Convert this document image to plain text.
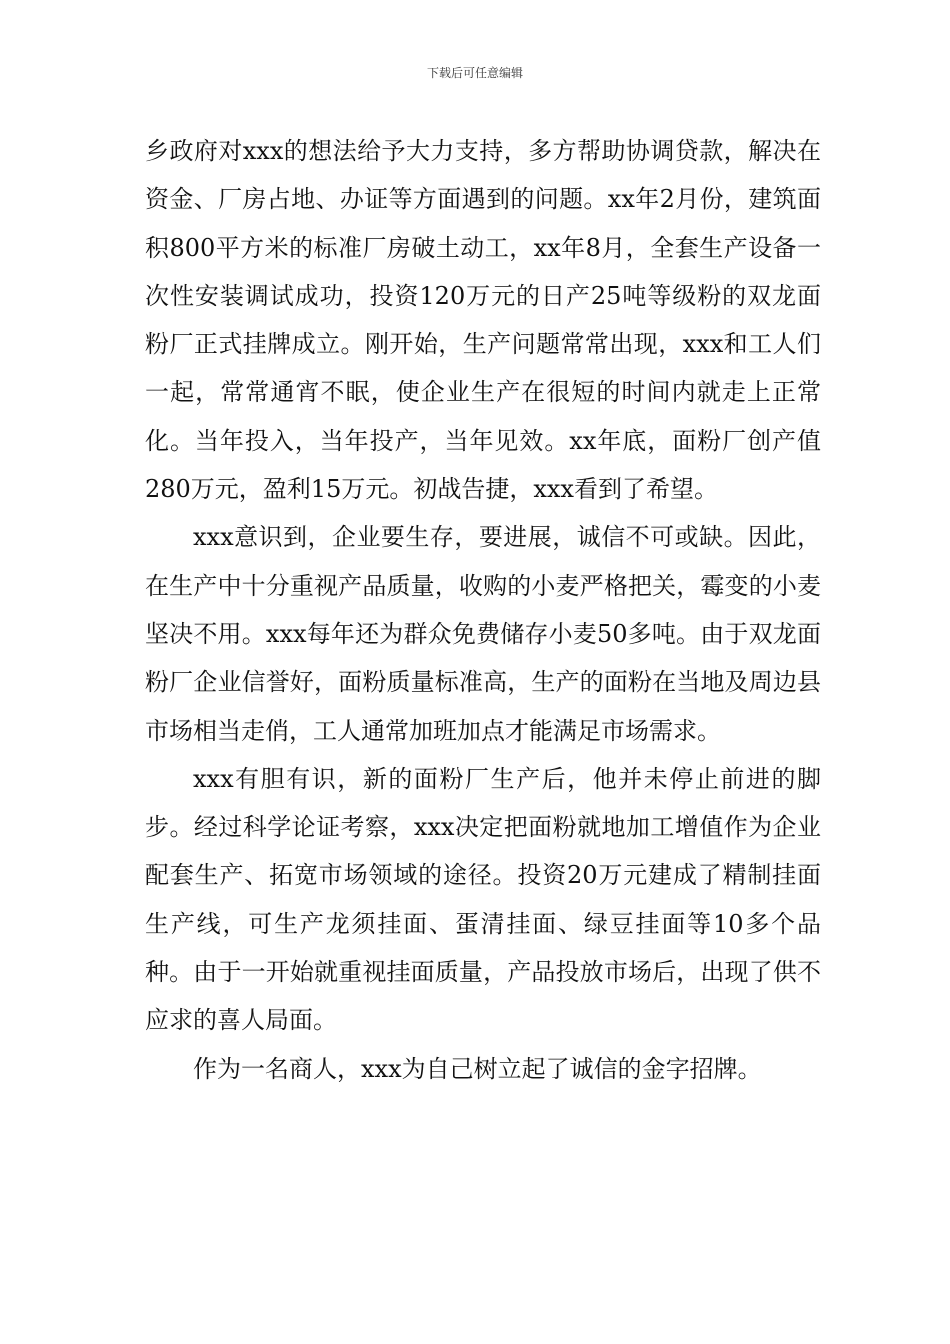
下载后可任意编辑

乡政府对xxx的想法给予大力支持，多方帮助协调贷款，解决在资金、厂房占地、办证等方面遇到的问题。xx年2月份，建筑面积800平方米的标准厂房破土动工，xx年8月，全套生产设备一次性安装调试成功，投资120万元的日产25吨等级粉的双龙面粉厂正式挂牌成立。刚开始，生产问题常常出现，xxx和工人们一起，常常通宵不眠，使企业生产在很短的时间内就走上正常化。当年投入，当年投产，当年见效。xx年底，面粉厂创产值280万元，盈利15万元。初战告捷，xxx看到了希望。

xxx意识到，企业要生存，要进展，诚信不可或缺。因此，在生产中十分重视产品质量，收购的小麦严格把关，霉变的小麦坚决不用。xxx每年还为群众免费储存小麦50多吨。由于双龙面粉厂企业信誉好，面粉质量标准高，生产的面粉在当地及周边县市场相当走俏，工人通常加班加点才能满足市场需求。

xxx有胆有识，新的面粉厂生产后，他并未停止前进的脚步。经过科学论证考察，xxx决定把面粉就地加工增值作为企业配套生产、拓宽市场领域的途径。投资20万元建成了精制挂面生产线，可生产龙须挂面、蛋清挂面、绿豆挂面等10多个品种。由于一开始就重视挂面质量，产品投放市场后，出现了供不应求的喜人局面。

作为一名商人，xxx为自己树立起了诚信的金字招牌。
